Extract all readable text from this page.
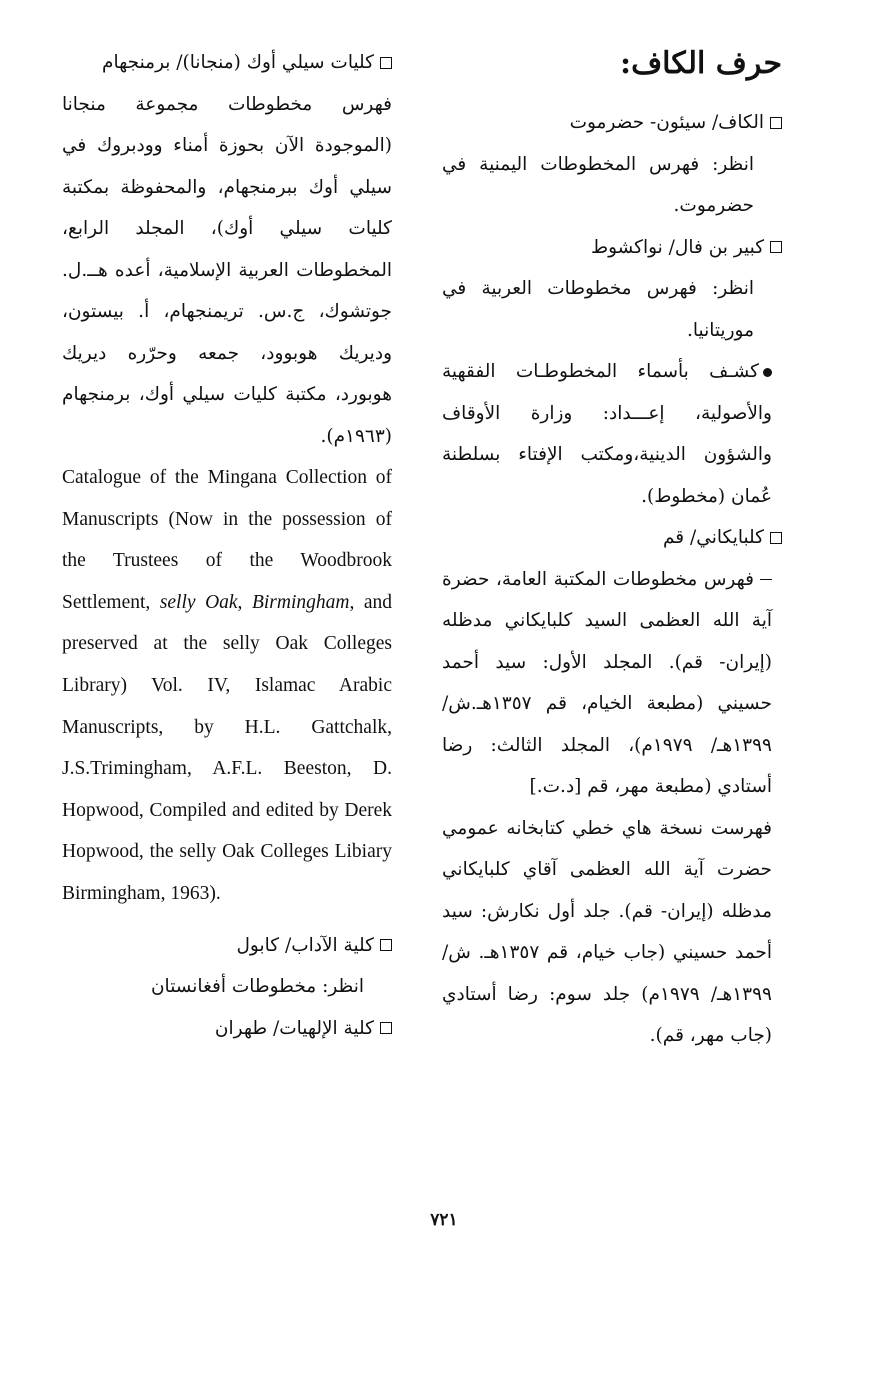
حرف الكاف:
الكاف/ سيئون- حضرموت

انظر: فهرس المخطوطات اليمنية في حضرموت.

كبير بن فال/ نواكشوط

انظر: فهرس مخطوطات العربية في موريتانيا.

كشـف بأسماء المخطوطـات الفقهية والأصولية، إعـــداد: وزارة الأوقاف والشؤون الدينية،ومكتب الإفتاء بسلطنة عُمان (مخطوط).

كلبايكاني/ قم

فهرس مخطوطات المكتبة العامة، حضرة آية الله العظمى السيد كلبايكاني مدظله (إيران- قم). المجلد الأول: سيد أحمد حسيني (مطبعة الخيام، قم ١٣٥٧هـ.ش/ ١٣٩٩هـ/ ١٩٧٩م)، المجلد الثالث: رضا أستادي (مطبعة مهر، قم [د.ت.]

فهرست نسخة هاي خطي كتابخانه عمومي حضرت آية الله العظمى آقاي كلبايكاني مدظله (إيران- قم). جلد أول نكارش: سيد أحمد حسيني (جاب خيام، قم ١٣٥٧هـ. ش/ ١٣٩٩هـ/ ١٩٧٩م) جلد سوم: رضا أستادي (جاب مهر، قم).

كليات سيلي أوك (منجانا)/ برمنجهام

فهرس مخطوطات مجموعة منجانا (الموجودة الآن بحوزة أمناء وودبروك في سيلي أوك ببرمنجهام، والمحفوظة بمكتبة كليات سيلي أوك)، المجلد الرابع، المخطوطات العربية الإسلامية، أعده هــ.ل. جوتشوك، ج.س. تريمنجهام، أ. بيستون، وديريك هوبوود، جمعه وحرّره ديريك هوبورد، مكتبة كليات سيلي أوك، برمنجهام (١٩٦٣م).

Catalogue of the Mingana Collection of Manuscripts (Now in the possession of the Trustees of the Woodbrook Settlement, selly Oak, Birmingham, and preserved at the selly Oak Colleges Library) Vol. IV, Islamac Arabic Manuscripts, by H.L. Gattchalk, J.S.Trimingham, A.F.L. Beeston, D. Hopwood, Compiled and edited by Derek Hopwood, the selly Oak Colleges Libiary Birmingham, 1963).

كلية الآداب/ كابول

انظر: مخطوطات أفغانستان

كلية الإلهيات/ طهران
٧٢١
